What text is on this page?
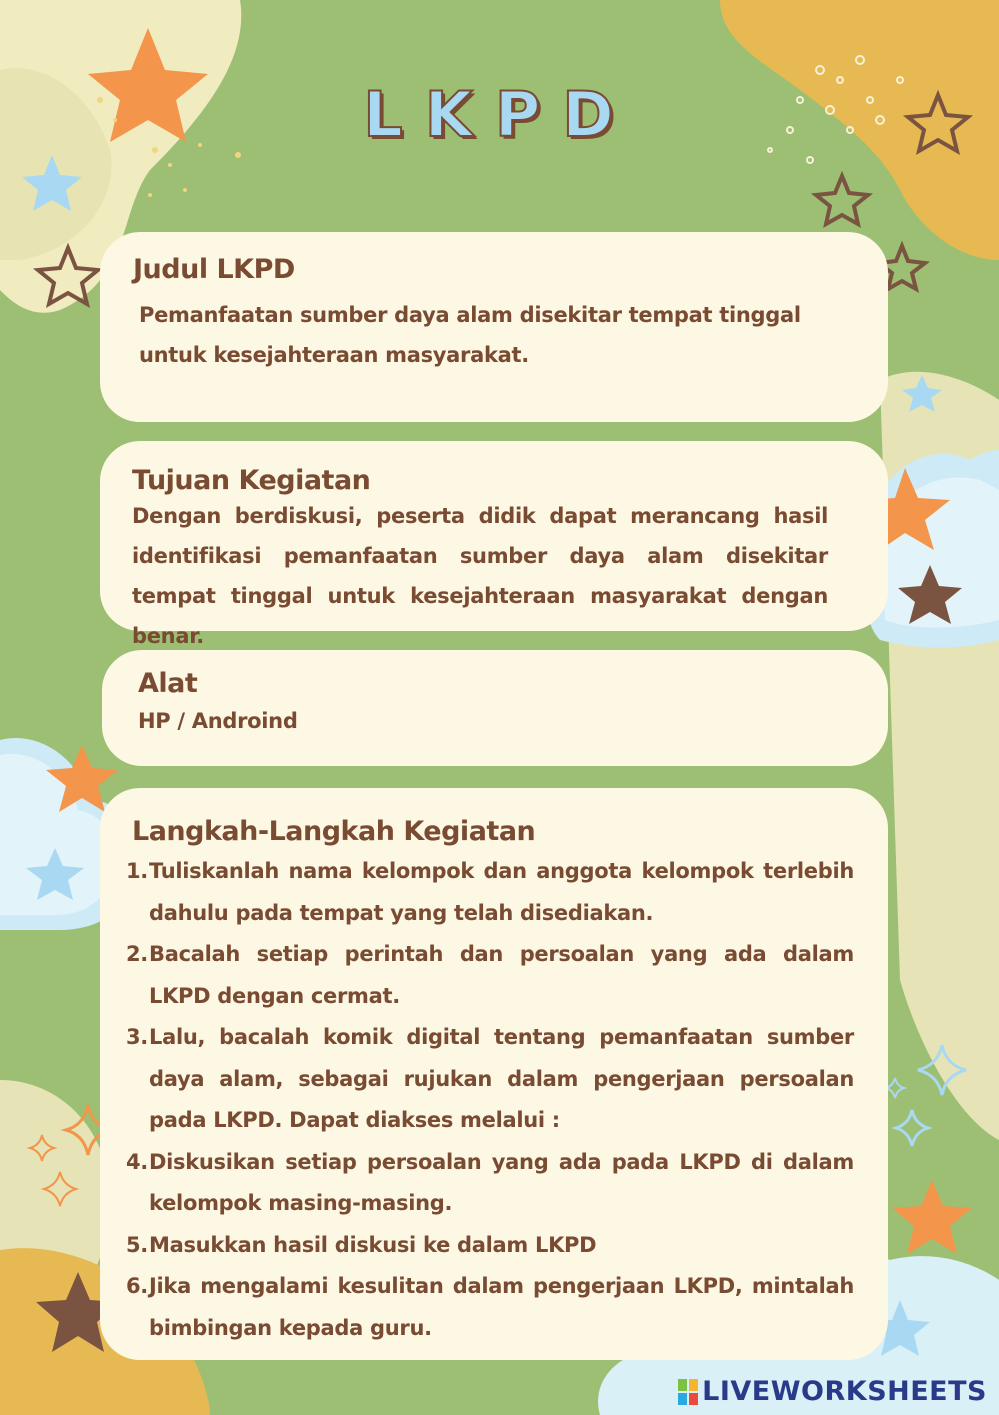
LKPD
Judul LKPD

Pemanfaatan sumber daya alam disekitar tempat tinggal untuk kesejahteraan masyarakat.

Tujuan Kegiatan

Dengan berdiskusi, peserta didik dapat merancang hasil identifikasi pemanfaatan sumber daya alam disekitar tempat tinggal untuk kesejahteraan masyarakat dengan benar.

Alat

HP / Androind

Langkah-Langkah Kegiatan
1. Tuliskanlah nama kelompok dan anggota kelompok terlebih dahulu pada tempat yang telah disediakan.
2. Bacalah setiap perintah dan persoalan yang ada dalam LKPD dengan cermat.
3. Lalu, bacalah komik digital tentang pemanfaatan sumber daya alam, sebagai rujukan dalam pengerjaan persoalan pada LKPD. Dapat diakses melalui :
4. Diskusikan setiap persoalan yang ada pada LKPD di dalam kelompok masing-masing.
5. Masukkan hasil diskusi ke dalam LKPD
6. Jika mengalami kesulitan dalam pengerjaan LKPD, mintalah bimbingan kepada guru.
LIVEWORKSHEETS
